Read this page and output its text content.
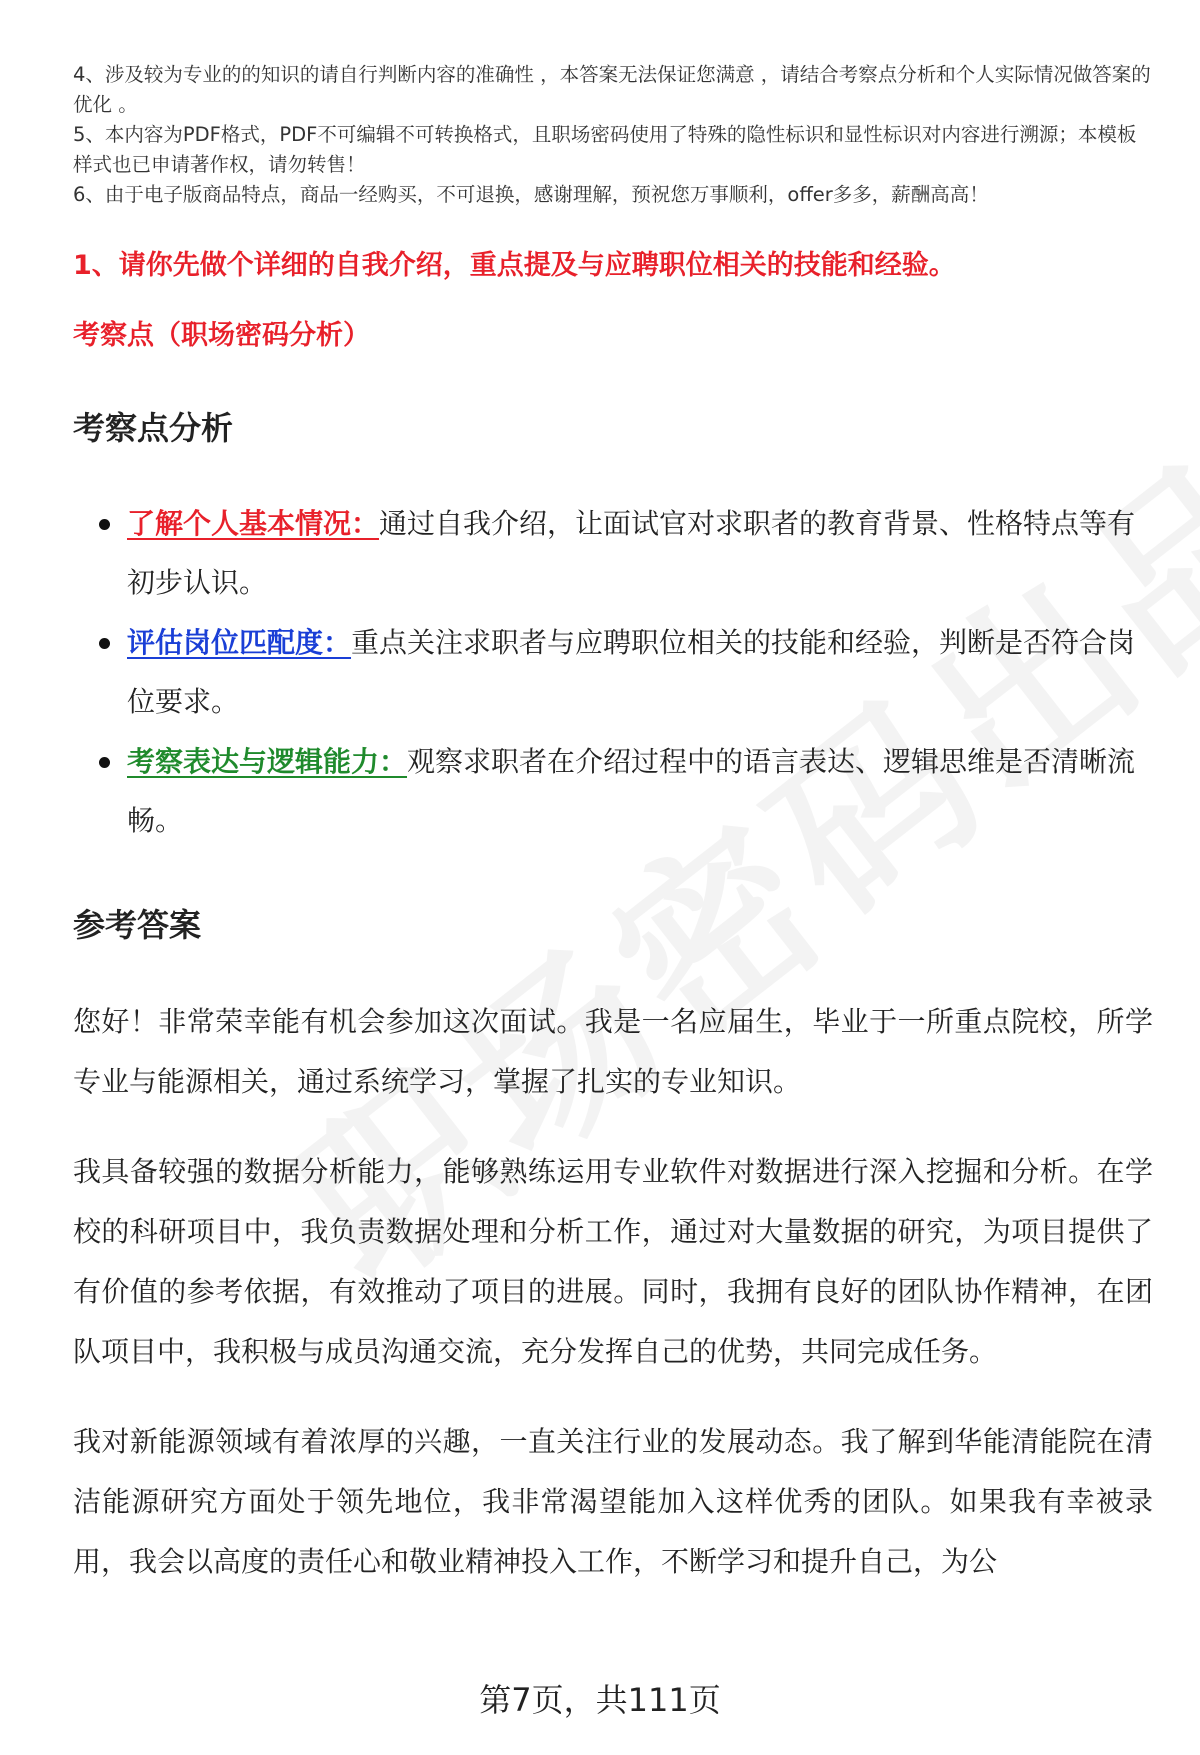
4、涉及较为专业的的知识的请自行判断内容的准确性 ，本答案无法保证您满意 ，请结合考察点分析和个人实际情况做答案的优化 。

5、本内容为PDF格式，PDF不可编辑不可转换格式，且职场密码使用了特殊的隐性标识和显性标识对内容进行溯源；本模板样式也已申请著作权，请勿转售！

6、由于电子版商品特点，商品一经购买，不可退换，感谢理解，预祝您万事顺利，offer多多，薪酬高高！

1、请你先做个详细的自我介绍，重点提及与应聘职位相关的技能和经验。

考察点（职场密码分析）

考察点分析
了解个人基本情况：通过自我介绍，让面试官对求职者的教育背景、性格特点等有初步认识。
评估岗位匹配度：重点关注求职者与应聘职位相关的技能和经验，判断是否符合岗位要求。
考察表达与逻辑能力：观察求职者在介绍过程中的语言表达、逻辑思维是否清晰流畅。
参考答案

您好！非常荣幸能有机会参加这次面试。我是一名应届生，毕业于一所重点院校，所学专业与能源相关，通过系统学习，掌握了扎实的专业知识。

我具备较强的数据分析能力，能够熟练运用专业软件对数据进行深入挖掘和分析。在学校的科研项目中，我负责数据处理和分析工作，通过对大量数据的研究，为项目提供了有价值的参考依据，有效推动了项目的进展。同时，我拥有良好的团队协作精神，在团队项目中，我积极与成员沟通交流，充分发挥自己的优势，共同完成任务。

我对新能源领域有着浓厚的兴趣，一直关注行业的发展动态。我了解到华能清能院在清洁能源研究方面处于领先地位，我非常渴望能加入这样优秀的团队。如果我有幸被录用，我会以高度的责任心和敬业精神投入工作，不断学习和提升自己，为公

第7页，共111页
